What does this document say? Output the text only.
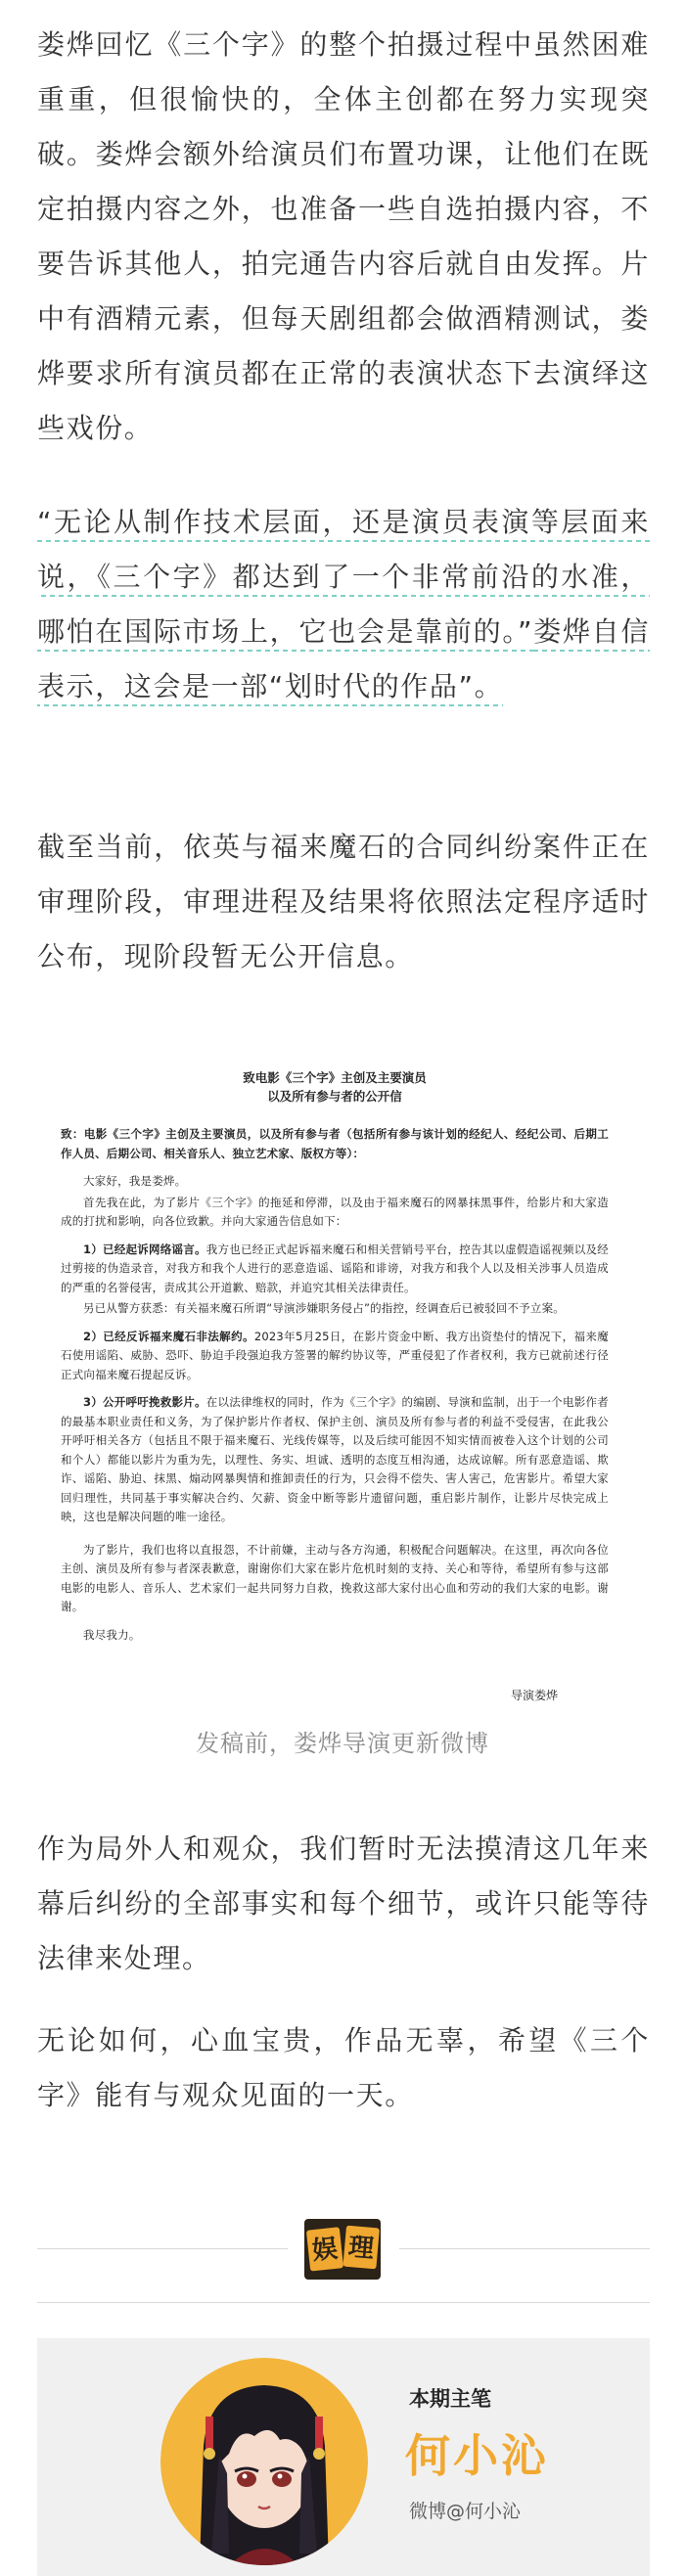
娄烨回忆《三个字》的整个拍摄过程中虽然困难重重，但很愉快的，全体主创都在努力实现突破。娄烨会额外给演员们布置功课，让他们在既定拍摄内容之外，也准备一些自选拍摄内容，不要告诉其他人，拍完通告内容后就自由发挥。片中有酒精元素，但每天剧组都会做酒精测试，娄烨要求所有演员都在正常的表演状态下去演绎这些戏份。

“无论从制作技术层面，还是演员表演等层面来说，《三个字》都达到了一个非常前沿的水准，哪怕在国际市场上，它也会是靠前的。”娄烨自信表示，这会是一部“划时代的作品”。

截至当前，依英与福来魔石的合同纠纷案件正在审理阶段，审理进程及结果将依照法定程序适时公布，现阶段暂无公开信息。

致电影《三个字》主创及主要演员
以及所有参与者的公开信

致：电影《三个字》主创及主要演员，以及所有参与者（包括所有参与该计划的经纪人、经纪公司、后期工作人员、后期公司、相关音乐人、独立艺术家、版权方等）：

大家好，我是娄烨。

首先我在此，为了影片《三个字》的拖延和停滞，以及由于福来魔石的网暴抹黑事件，给影片和大家造成的打扰和影响，向各位致歉。并向大家通告信息如下：

1）已经起诉网络谣言。我方也已经正式起诉福来魔石和相关营销号平台，控告其以虚假造谣视频以及经过剪接的伪造录音，对我方和我个人进行的恶意造谣、谣陷和诽谤，对我方和我个人以及相关涉事人员造成的严重的名誉侵害，责成其公开道歉、赔款，并追究其相关法律责任。

另已从警方获悉：有关福来魔石所谓“导演涉嫌职务侵占”的指控，经调查后已被驳回不予立案。

2）已经反诉福来魔石非法解约。2023年5月25日，在影片资金中断、我方出资垫付的情况下，福来魔石使用谣陷、威胁、恐吓、胁迫手段强迫我方签署的解约协议等，严重侵犯了作者权利，我方已就前述行径正式向福来魔石提起反诉。

3）公开呼吁挽救影片。在以法律维权的同时，作为《三个字》的编剧、导演和监制，出于一个电影作者的最基本职业责任和义务，为了保护影片作者权、保护主创、演员及所有参与者的利益不受侵害，在此我公开呼吁相关各方（包括且不限于福来魔石、光线传媒等，以及后续可能因不知实情而被卷入这个计划的公司和个人）都能以影片为重为先，以理性、务实、坦诚、透明的态度互相沟通，达成谅解。所有恶意造谣、欺诈、谣陷、胁迫、抹黑、煽动网暴舆情和推卸责任的行为，只会得不偿失、害人害己，危害影片。希望大家回归理性，共同基于事实解决合约、欠薪、资金中断等影片遗留问题，重启影片制作，让影片尽快完成上映，这也是解决问题的唯一途径。

为了影片，我们也将以直报怨，不计前嫌，主动与各方沟通，积极配合问题解决。在这里，再次向各位主创、演员及所有参与者深表歉意，谢谢你们大家在影片危机时刻的支持、关心和等待，希望所有参与这部电影的电影人、音乐人、艺术家们一起共同努力自救，挽救这部大家付出心血和劳动的我们大家的电影。谢谢。

我尽我力。

导演娄烨
发稿前，娄烨导演更新微博

作为局外人和观众，我们暂时无法摸清这几年来幕后纠纷的全部事实和每个细节，或许只能等待法律来处理。

无论如何，心血宝贵，作品无辜，希望《三个字》能有与观众见面的一天。

娱 理
本期主笔
何小沁
微博@何小沁
